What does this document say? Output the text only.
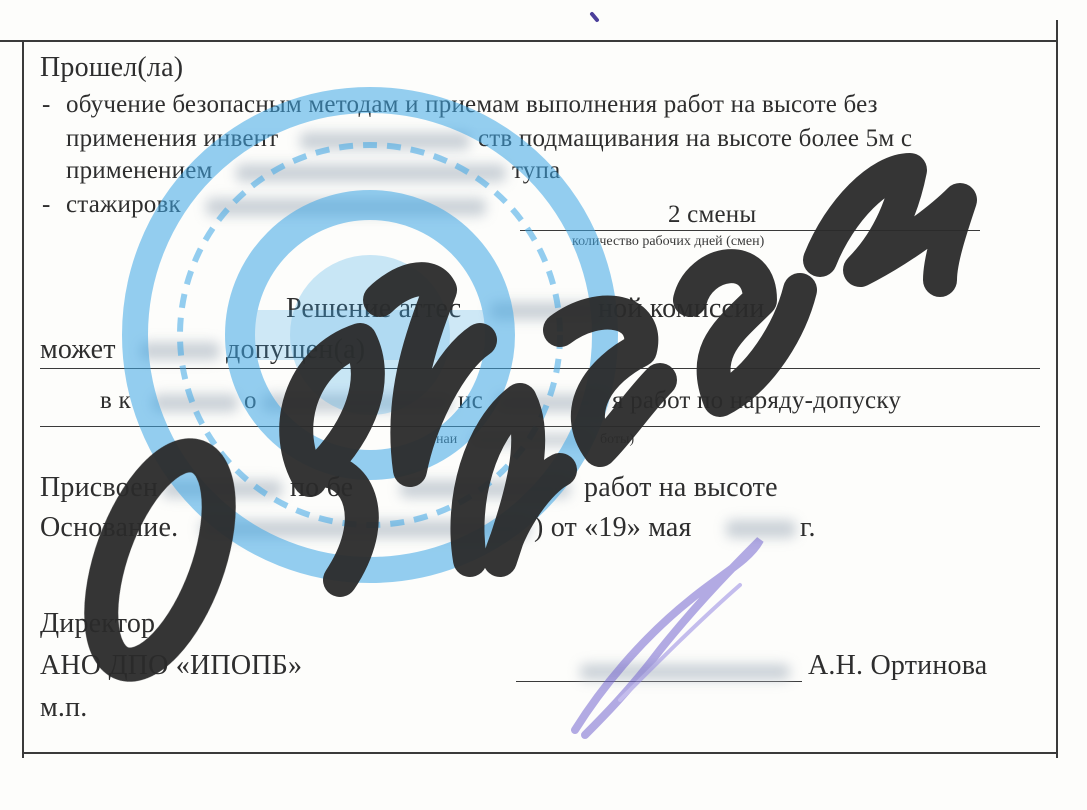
Прошел(ла)
- обучение безопасным методам и приемам выполнения работ на высоте без
применения инвент	ств подмащивания на высоте более 5м с
применением	тупа
- стажировк	2 смены
количество рабочих дней (смен)
Решение аттес	ной комиссии
может	допущен(а)
в к	о	ис	я работ по наряду-допуску
наи	боты)
Присвоен	по бе	работ на высоте
Основание.	) от «19» мая	г.
Директор
АНО ДПО «ИПОПБ»
м.п.
А.Н. Ортинова
